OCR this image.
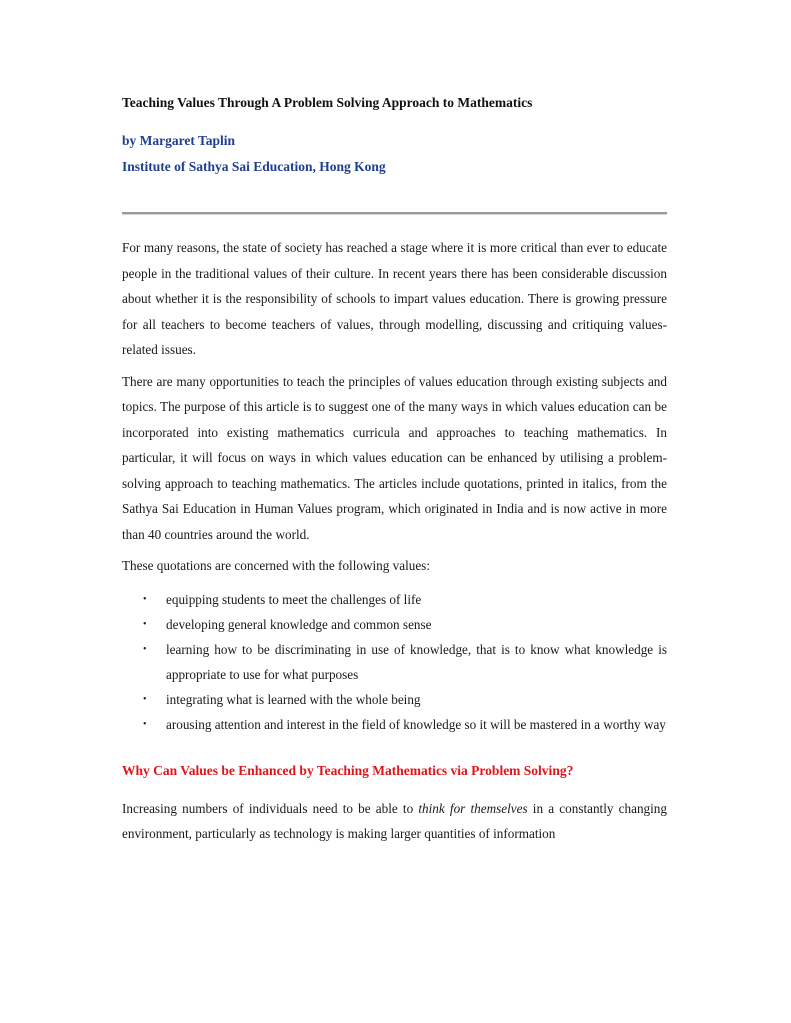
Teaching Values Through A Problem Solving Approach to Mathematics

by Margaret Taplin

Institute of Sathya Sai Education, Hong Kong

For many reasons, the state of society has reached a stage where it is more critical than ever to educate people in the traditional values of their culture. In recent years there has been considerable discussion about whether it is the responsibility of schools to impart values education. There is growing pressure for all teachers to become teachers of values, through modelling, discussing and critiquing values-related issues.

There are many opportunities to teach the principles of values education through existing subjects and topics. The purpose of this article is to suggest one of the many ways in which values education can be incorporated into existing mathematics curricula and approaches to teaching mathematics. In particular, it will focus on ways in which values education can be enhanced by utilising a problem-solving approach to teaching mathematics. The articles include quotations, printed in italics, from the Sathya Sai Education in Human Values program, which originated in India and is now active in more than 40 countries around the world.

These quotations are concerned with the following values:

• equipping students to meet the challenges of life
• developing general knowledge and common sense
• learning how to be discriminating in use of knowledge, that is to know what knowledge is appropriate to use for what purposes
• integrating what is learned with the whole being
• arousing attention and interest in the field of knowledge so it will be mastered in a worthy way
Why Can Values be Enhanced by Teaching Mathematics via Problem Solving?

Increasing numbers of individuals need to be able to think for themselves in a constantly changing environment, particularly as technology is making larger quantities of information
